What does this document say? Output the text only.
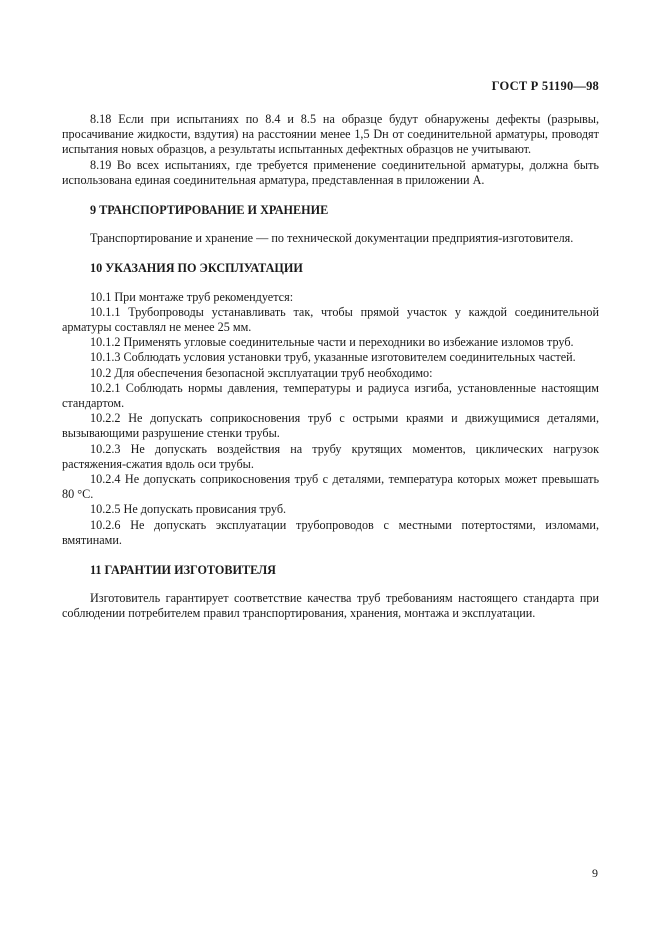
ГОСТ Р 51190—98

8.18 Если при испытаниях по 8.4 и 8.5 на образце будут обнаружены дефекты (разрывы, просачивание жидкости, вздутия) на расстоянии менее 1,5 Dн от соединительной арматуры, проводят испытания новых образцов, а результаты испытанных дефектных образцов не учитывают.

8.19 Во всех испытаниях, где требуется применение соединительной арматуры, должна быть использована единая соединительная арматура, представленная в приложении А.

9 ТРАНСПОРТИРОВАНИЕ И ХРАНЕНИЕ

Транспортирование и хранение — по технической документации предприятия-изготовителя.

10 УКАЗАНИЯ ПО ЭКСПЛУАТАЦИИ

10.1 При монтаже труб рекомендуется:

10.1.1 Трубопроводы устанавливать так, чтобы прямой участок у каждой соединительной арматуры составлял не менее 25 мм.

10.1.2 Применять угловые соединительные части и переходники во избежание изломов труб.

10.1.3 Соблюдать условия установки труб, указанные изготовителем соединительных частей.

10.2 Для обеспечения безопасной эксплуатации труб необходимо:

10.2.1 Соблюдать нормы давления, температуры и радиуса изгиба, установленные настоящим стандартом.

10.2.2 Не допускать соприкосновения труб с острыми краями и движущимися деталями, вызывающими разрушение стенки трубы.

10.2.3 Не допускать воздействия на трубу крутящих моментов, циклических нагрузок растяжения-сжатия вдоль оси трубы.

10.2.4 Не допускать соприкосновения труб с деталями, температура которых может превышать 80 °С.

10.2.5 Не допускать провисания труб.

10.2.6 Не допускать эксплуатации трубопроводов с местными потертостями, изломами, вмятинами.

11 ГАРАНТИИ ИЗГОТОВИТЕЛЯ

Изготовитель гарантирует соответствие качества труб требованиям настоящего стандарта при соблюдении потребителем правил транспортирования, хранения, монтажа и эксплуатации.

9
